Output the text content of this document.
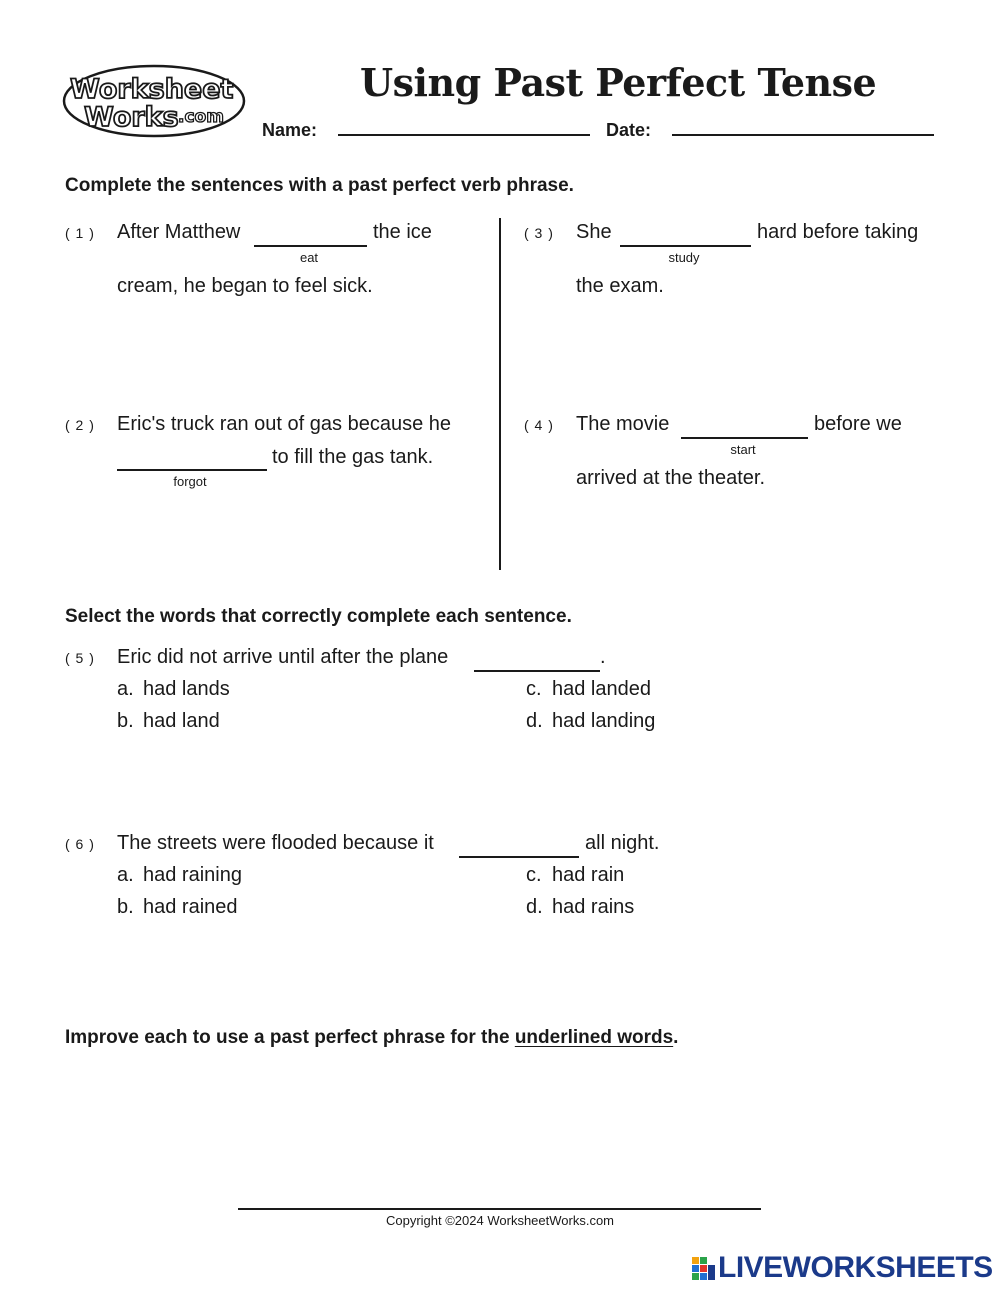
Worksheet
Works .com
Using Past Perfect Tense
Name:	Date:
Complete the sentences with a past perfect verb phrase.
( 1 ) After Matthew
eat
the ice
cream, he began to feel sick.
( 3 ) She
study
hard before taking
the exam.
( 2 ) Eric's truck ran out of gas because he
forgot
to fill the gas tank.
( 4 ) The movie
start
before we
arrived at the theater.
Select the words that correctly complete each sentence.
( 5 ) Eric did not arrive until after the plane	.
a. had lands
b. had land
c. had landed
d. had landing
( 6 ) The streets were flooded because it	all night.
a. had raining
b. had rained
c. had rain
d. had rains
Improve each to use a past perfect phrase for the underlined words.
Copyright ©2024 WorksheetWorks.com
LIVEWORKSHEETS
